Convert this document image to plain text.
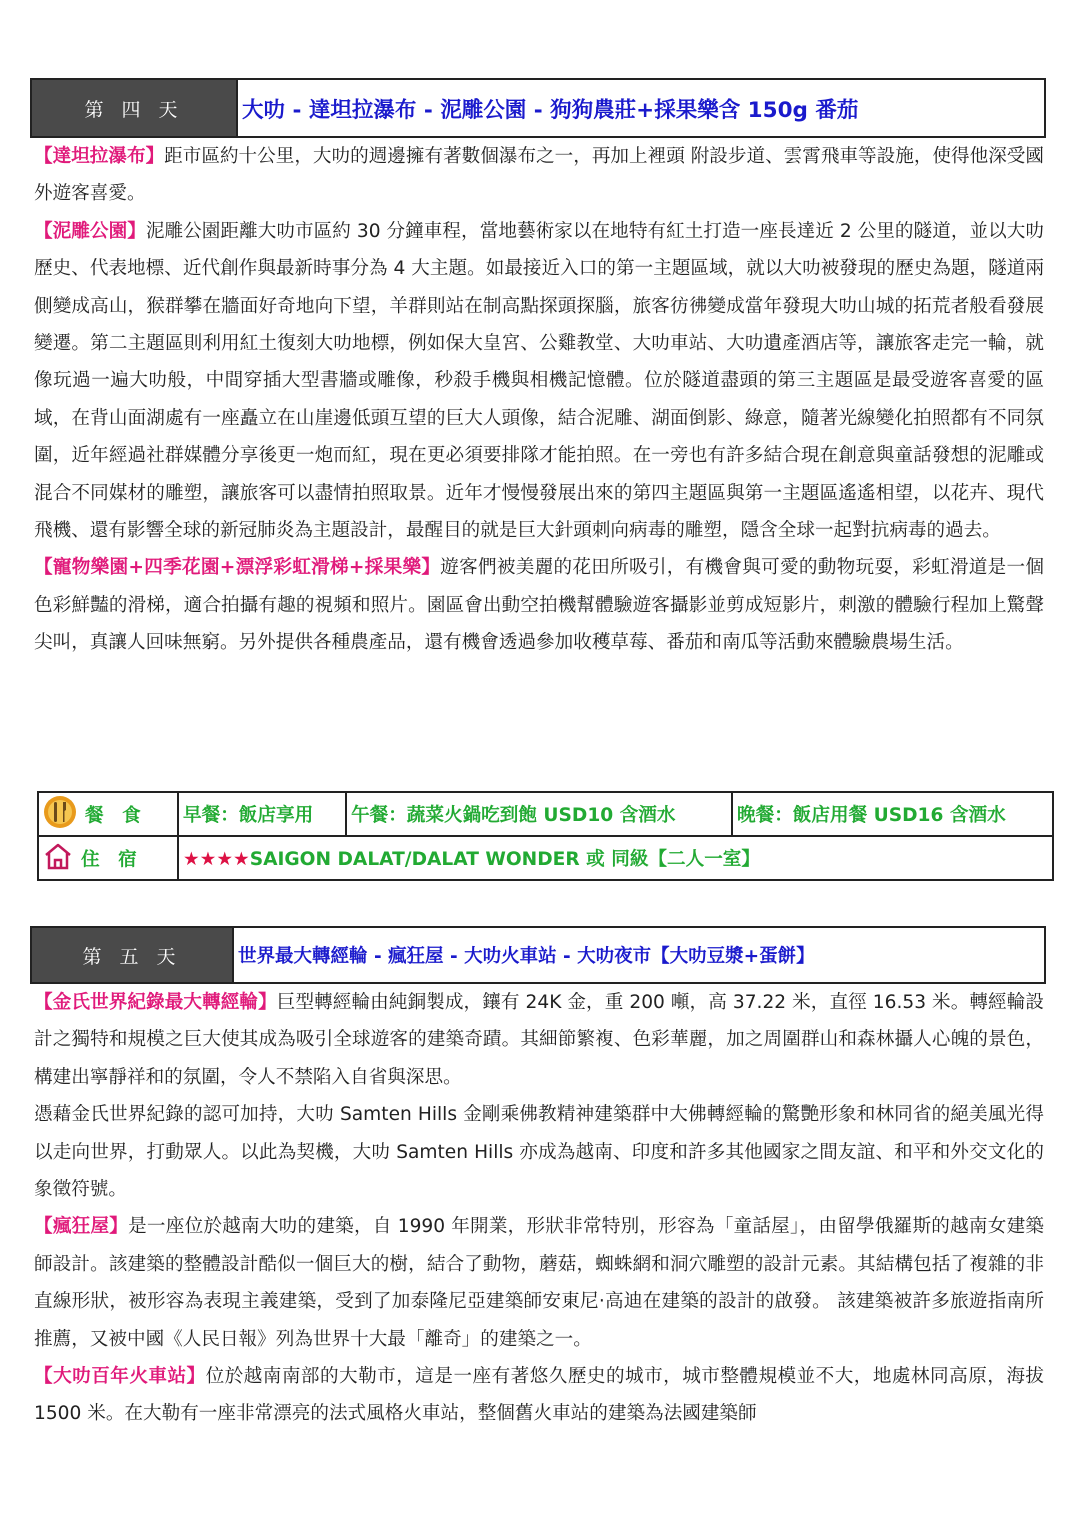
第 四 天	大叻 - 達坦拉瀑布 - 泥雕公園 - 狗狗農莊+採果樂含 150g 番茄

【達坦拉瀑布】距市區約十公里，大叻的週邊擁有著數個瀑布之一，再加上裡頭 附設步道、雲霄飛車等設施，使得他深受國外遊客喜愛。

【泥雕公園】泥雕公園距離大叻市區約 30 分鐘車程，當地藝術家以在地特有紅土打造一座長達近 2 公里的隧道，並以大叻歷史、代表地標、近代創作與最新時事分為 4 大主題。如最接近入口的第一主題區域，就以大叻被發現的歷史為題，隧道兩側變成高山，猴群攀在牆面好奇地向下望，羊群則站在制高點探頭探腦，旅客彷彿變成當年發現大叻山城的拓荒者般看發展變遷。第二主題區則利用紅土復刻大叻地標，例如保大皇宮、公雞教堂、大叻車站、大叻遺產酒店等，讓旅客走完一輪，就像玩過一遍大叻般，中間穿插大型書牆或雕像，秒殺手機與相機記憶體。位於隧道盡頭的第三主題區是最受遊客喜愛的區域，在背山面湖處有一座矗立在山崖邊低頭互望的巨大人頭像，結合泥雕、湖面倒影、綠意，隨著光線變化拍照都有不同氛圍，近年經過社群媒體分享後更一炮而紅，現在更必須要排隊才能拍照。在一旁也有許多結合現在創意與童話發想的泥雕或混合不同媒材的雕塑，讓旅客可以盡情拍照取景。近年才慢慢發展出來的第四主題區與第一主題區遙遙相望，以花卉、現代飛機、還有影響全球的新冠肺炎為主題設計，最醒目的就是巨大針頭刺向病毒的雕塑，隱含全球一起對抗病毒的過去。

【寵物樂園+四季花園+漂浮彩虹滑梯+採果樂】遊客們被美麗的花田所吸引，有機會與可愛的動物玩耍，彩虹滑道是一個色彩鮮豔的滑梯，適合拍攝有趣的視頻和照片。園區會出動空拍機幫體驗遊客攝影並剪成短影片，刺激的體驗行程加上驚聲尖叫，真讓人回味無窮。另外提供各種農產品，還有機會透過參加收穫草莓、番茄和南瓜等活動來體驗農場生活。

餐 食	早餐：飯店享用	午餐：蔬菜火鍋吃到飽 USD10 含酒水	晚餐：飯店用餐 USD16 含酒水
住 宿	★★★★SAIGON DALAT/DALAT WONDER 或 同級【二人一室】		
第 五 天	世界最大轉經輪 - 瘋狂屋 - 大叻火車站 - 大叻夜市【大叻豆漿+蛋餅】

【金氏世界紀錄最大轉經輪】巨型轉經輪由純銅製成，鑲有 24K 金，重 200 噸，高 37.22 米，直徑 16.53 米。轉經輪設計之獨特和規模之巨大使其成為吸引全球遊客的建築奇蹟。其細節繁複、色彩華麗，加之周圍群山和森林攝人心魄的景色，構建出寧靜祥和的氛圍，令人不禁陷入自省與深思。

憑藉金氏世界紀錄的認可加持，大叻 Samten Hills 金剛乘佛教精神建築群中大佛轉經輪的驚艷形象和林同省的絕美風光得以走向世界，打動眾人。以此為契機，大叻 Samten Hills 亦成為越南、印度和許多其他國家之間友誼、和平和外交文化的象徵符號。

【瘋狂屋】是一座位於越南大叻的建築，自 1990 年開業，形狀非常特別，形容為「童話屋」，由留學俄羅斯的越南女建築師設計。該建築的整體設計酷似一個巨大的樹，結合了動物，蘑菇，蜘蛛網和洞穴雕塑的設計元素。其結構包括了複雜的非直線形狀，被形容為表現主義建築，受到了加泰隆尼亞建築師安東尼·高迪在建築的設計的啟發。 該建築被許多旅遊指南所推薦，又被中國《人民日報》列為世界十大最「離奇」的建築之一。

【大叻百年火車站】位於越南南部的大勒市，這是一座有著悠久歷史的城市，城市整體規模並不大，地處林同高原，海拔 1500 米。在大勒有一座非常漂亮的法式風格火車站，整個舊火車站的建築為法國建築師
